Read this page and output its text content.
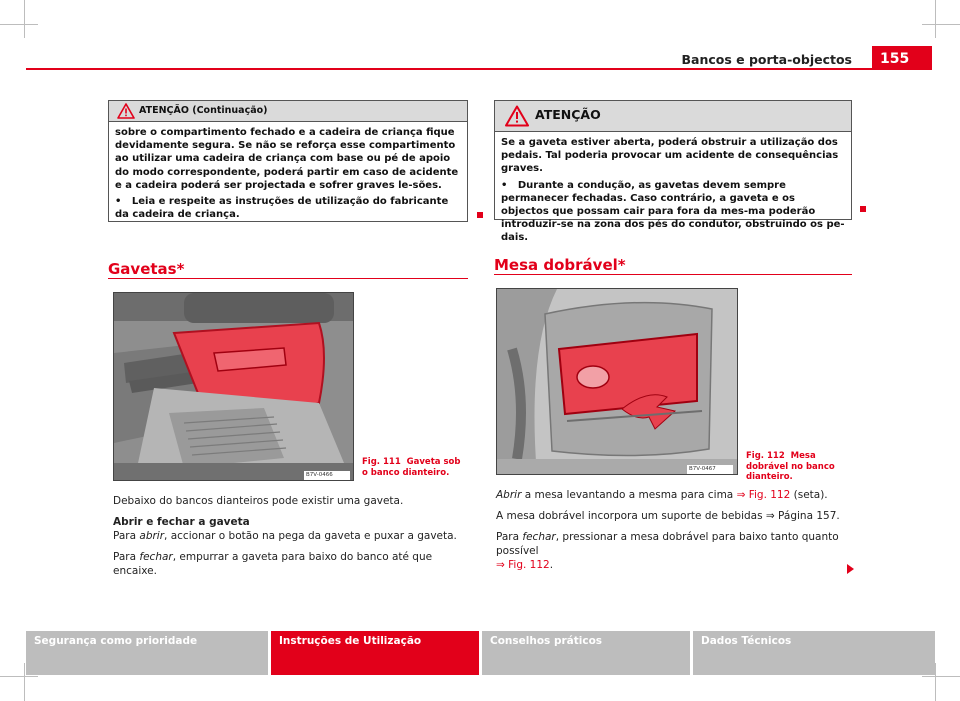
Bancos e porta-objectos	155
ATENÇÃO (Continuação)

sobre o compartimento fechado e a cadeira de criança fique devidamente segura. Se não se reforça esse compartimento ao utilizar uma cadeira de criança com base ou pé de apoio do modo correspondente, poderá partir em caso de acidente e a cadeira poderá ser projectada e sofrer graves le-sões.

• Leia e respeite as instruções de utilização do fabricante da cadeira de criança.

ATENÇÃO

Se a gaveta estiver aberta, poderá obstruir a utilização dos pedais. Tal poderia provocar um acidente de consequências graves.

• Durante a condução, as gavetas devem sempre permanecer fechadas. Caso contrário, a gaveta e os objectos que possam cair para fora da mes-ma poderão introduzir-se na zona dos pés do condutor, obstruindo os pe-dais.

Gavetas*
B7V-0466
Fig. 111 Gaveta sob o banco dianteiro.

Debaixo do bancos dianteiros pode existir uma gaveta.

Abrir e fechar a gaveta

Para abrir, accionar o botão na pega da gaveta e puxar a gaveta.

Para fechar, empurrar a gaveta para baixo do banco até que encaixe.

Mesa dobrável*
B7V-0467
Fig. 112 Mesa dobrável no banco dianteiro.

Abrir a mesa levantando a mesma para cima ⇒ Fig. 112 (seta).

A mesa dobrável incorpora um suporte de bebidas ⇒ Página 157.

Para fechar, pressionar a mesa dobrável para baixo tanto quanto possível
⇒ Fig. 112.

Segurança como prioridade	Instruções de Utilização	Conselhos práticos	Dados Técnicos
